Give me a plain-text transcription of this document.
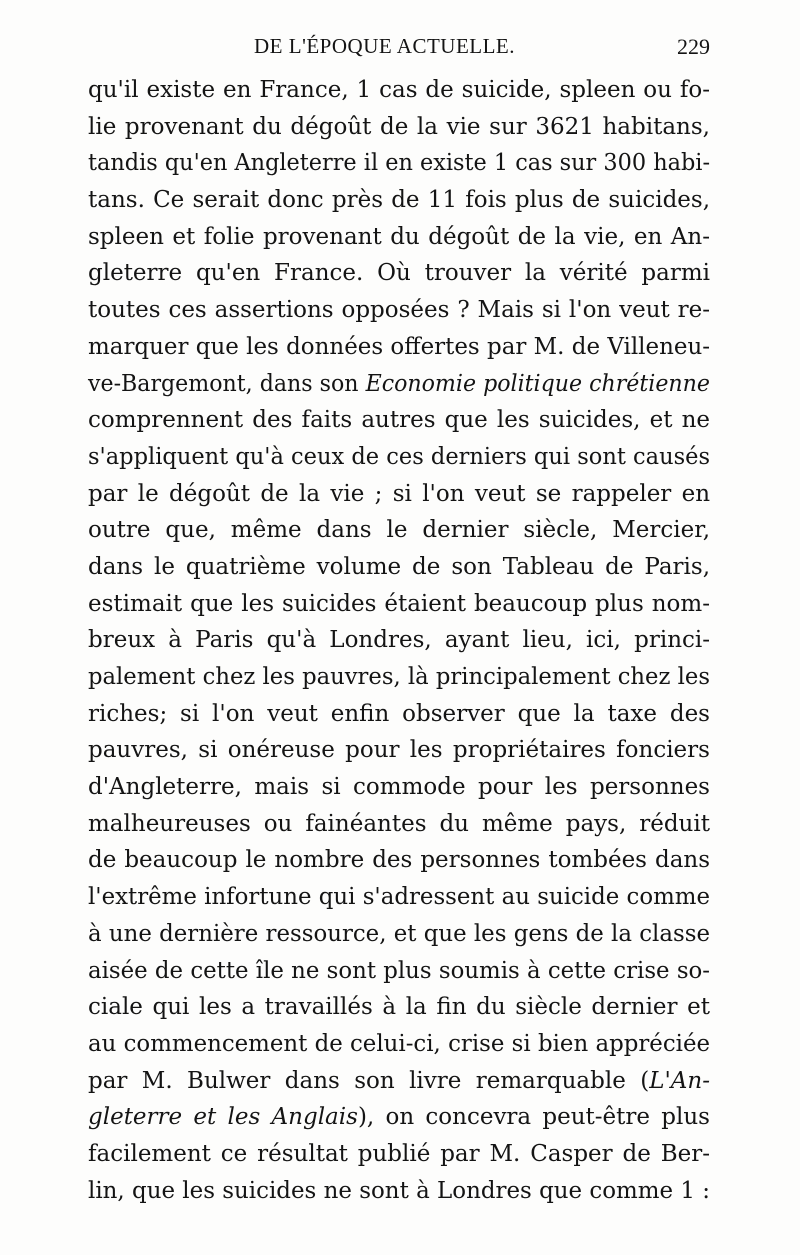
DE L'ÉPOQUE ACTUELLE.	229
qu'il existe en France, 1 cas de suicide, spleen ou fo-
lie provenant du dégoût de la vie sur 3621 habitans,
tandis qu'en Angleterre il en existe 1 cas sur 300 habi-
tans. Ce serait donc près de 11 fois plus de suicides,
spleen et folie provenant du dégoût de la vie, en An-
gleterre qu'en France. Où trouver la vérité parmi
toutes ces assertions opposées ? Mais si l'on veut re-
marquer que les données offertes par M. de Villeneu-
ve-Bargemont, dans son Economie politique chrétienne
comprennent des faits autres que les suicides, et ne
s'appliquent qu'à ceux de ces derniers qui sont causés
par le dégoût de la vie ; si l'on veut se rappeler en
outre que, même dans le dernier siècle, Mercier,
dans le quatrième volume de son Tableau de Paris,
estimait que les suicides étaient beaucoup plus nom-
breux à Paris qu'à Londres, ayant lieu, ici, princi-
palement chez les pauvres, là principalement chez les
riches; si l'on veut enfin observer que la taxe des
pauvres, si onéreuse pour les propriétaires fonciers
d'Angleterre, mais si commode pour les personnes
malheureuses ou fainéantes du même pays, réduit
de beaucoup le nombre des personnes tombées dans
l'extrême infortune qui s'adressent au suicide comme
à une dernière ressource, et que les gens de la classe
aisée de cette île ne sont plus soumis à cette crise so-
ciale qui les a travaillés à la fin du siècle dernier et
au commencement de celui-ci, crise si bien appréciée
par M. Bulwer dans son livre remarquable (L'An-
gleterre et les Anglais), on concevra peut-être plus
facilement ce résultat publié par M. Casper de Ber-
lin, que les suicides ne sont à Londres que comme 1 :
